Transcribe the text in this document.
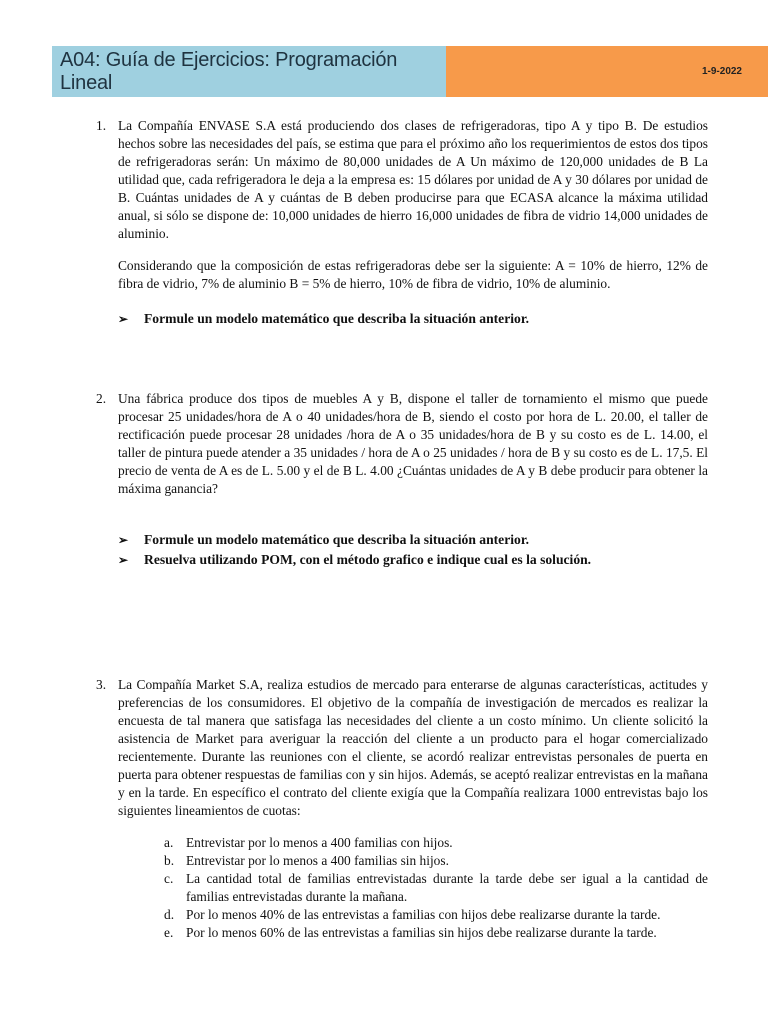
A04: Guía de Ejercicios: Programación Lineal	1-9-2022
1. La Compañía ENVASE S.A está produciendo dos clases de refrigeradoras, tipo A y tipo B. De estudios hechos sobre las necesidades del país, se estima que para el próximo año los requerimientos de estos dos tipos de refrigeradoras serán: Un máximo de 80,000 unidades de A Un máximo de 120,000 unidades de B La utilidad que, cada refrigeradora le deja a la empresa es: 15 dólares por unidad de A y 30 dólares por unidad de B. Cuántas unidades de A y cuántas de B deben producirse para que ECASA alcance la máxima utilidad anual, si sólo se dispone de: 10,000 unidades de hierro 16,000 unidades de fibra de vidrio 14,000 unidades de aluminio.

Considerando que la composición de estas refrigeradoras debe ser la siguiente: A = 10% de hierro, 12% de fibra de vidrio, 7% de aluminio B = 5% de hierro, 10% de fibra de vidrio, 10% de aluminio.

➢ Formule un modelo matemático que describa la situación anterior.
2. Una fábrica produce dos tipos de muebles A y B, dispone el taller de tornamiento el mismo que puede procesar 25 unidades/hora de A o 40 unidades/hora de B, siendo el costo por hora de L. 20.00, el taller de rectificación puede procesar 28 unidades /hora de A o 35 unidades/hora de B y su costo es de L. 14.00, el taller de pintura puede atender a 35 unidades / hora de A o 25 unidades / hora de B y su costo es de L. 17,5. El precio de venta de A es de L. 5.00 y el de B L. 4.00 ¿Cuántas unidades de A y B debe producir para obtener la máxima ganancia?

➢ Formule un modelo matemático que describa la situación anterior.
➢ Resuelva utilizando POM, con el método grafico e indique cual es la solución.
3. La Compañía Market S.A, realiza estudios de mercado para enterarse de algunas características, actitudes y preferencias de los consumidores. El objetivo de la compañía de investigación de mercados es realizar la encuesta de tal manera que satisfaga las necesidades del cliente a un costo mínimo. Un cliente solicitó la asistencia de Market para averiguar la reacción del cliente a un producto para el hogar comercializado recientemente. Durante las reuniones con el cliente, se acordó realizar entrevistas personales de puerta en puerta para obtener respuestas de familias con y sin hijos. Además, se aceptó realizar entrevistas en la mañana y en la tarde. En específico el contrato del cliente exigía que la Compañía realizara 1000 entrevistas bajo los siguientes lineamientos de cuotas:

a. Entrevistar por lo menos a 400 familias con hijos.
b. Entrevistar por lo menos a 400 familias sin hijos.
c. La cantidad total de familias entrevistadas durante la tarde debe ser igual a la cantidad de familias entrevistadas durante la mañana.
d. Por lo menos 40% de las entrevistas a familias con hijos debe realizarse durante la tarde.
e. Por lo menos 60% de las entrevistas a familias sin hijos debe realizarse durante la tarde.
